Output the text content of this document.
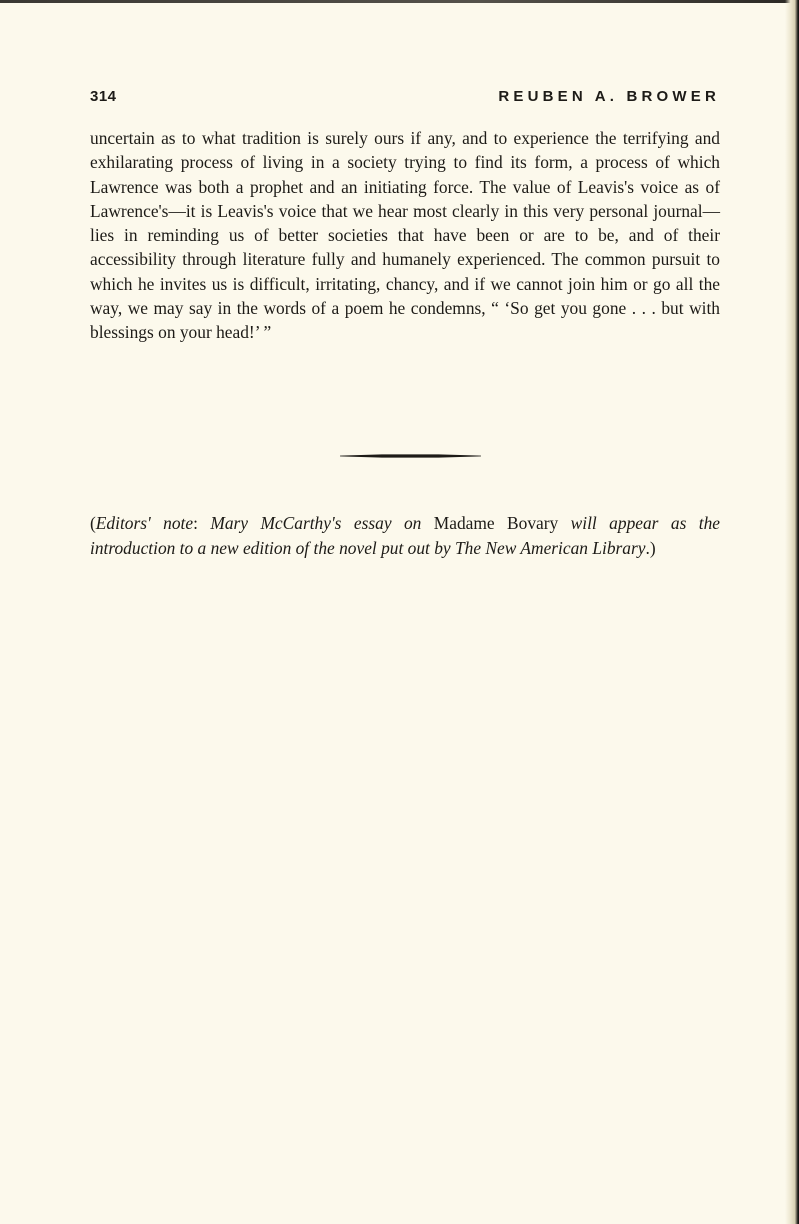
314	REUBEN A. BROWER

uncertain as to what tradition is surely ours if any, and to experience the terrifying and exhilarating process of living in a society trying to find its form, a process of which Lawrence was both a prophet and an initiating force. The value of Leavis's voice as of Lawrence's—it is Leavis's voice that we hear most clearly in this very personal journal—lies in reminding us of better societies that have been or are to be, and of their accessibility through literature fully and humanely experienced. The common pursuit to which he invites us is difficult, irritating, chancy, and if we cannot join him or go all the way, we may say in the words of a poem he condemns, “ ‘So get you gone . . . but with blessings on your head!’ ”

(Editors' note: Mary McCarthy's essay on Madame Bovary will appear as the introduction to a new edition of the novel put out by The New American Library.)
